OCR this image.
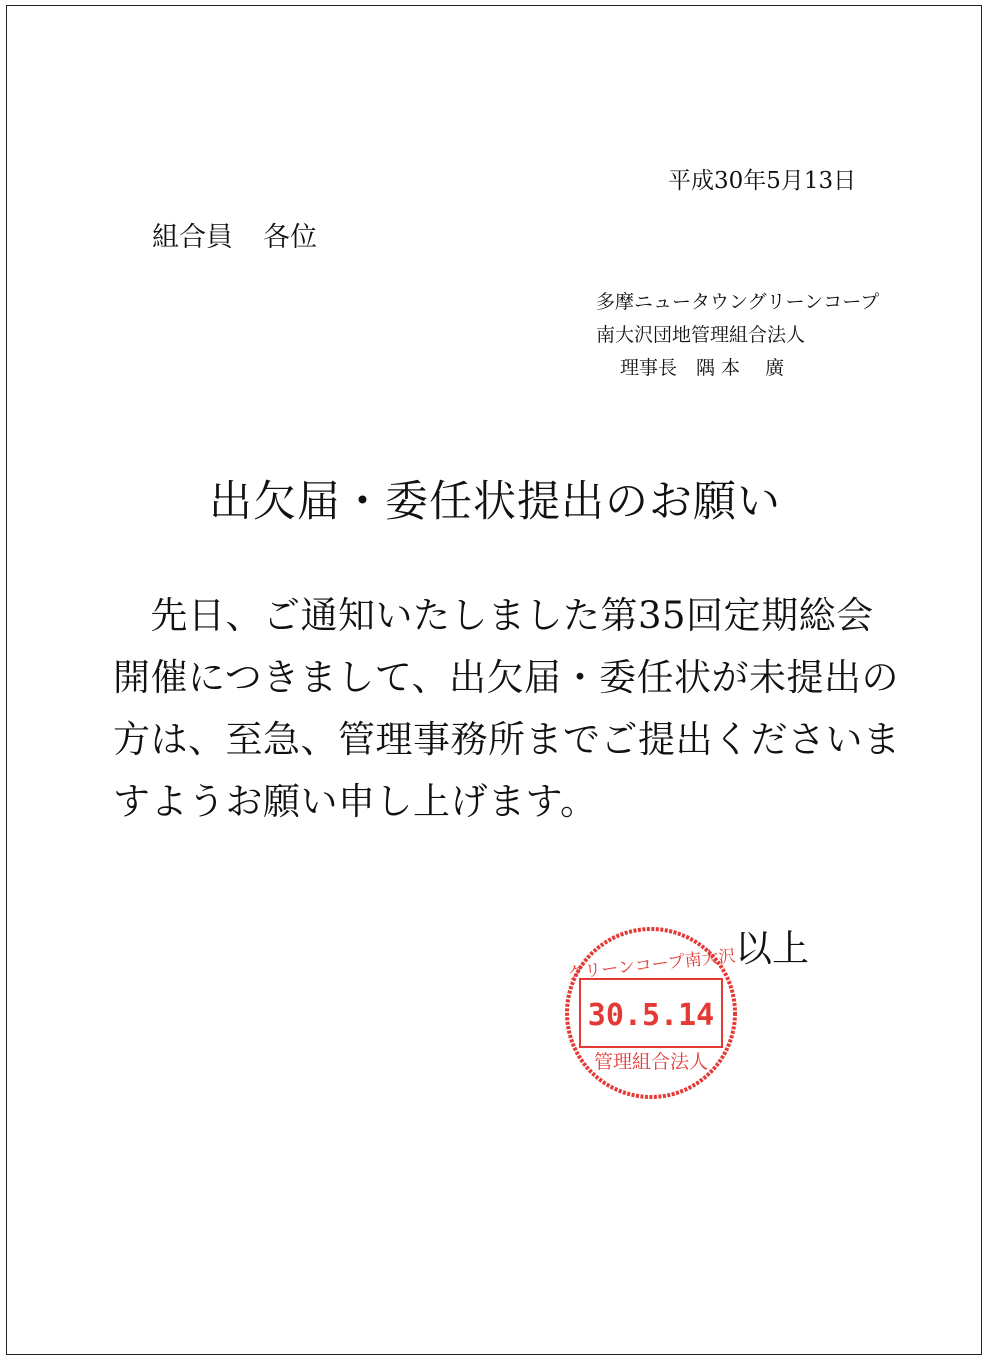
平成30年5月13日
組合員 各位
多摩ニュータウングリーンコープ
南大沢団地管理組合法人
理事長　隅 本　 廣
出欠届・委任状提出のお願い
　先日、ご通知いたしました第35回定期総会
開催につきまして、出欠届・委任状が未提出の
方は、至急、管理事務所までご提出くださいま
すようお願い申し上げます。
以上
グリーンコープ南大沢
30.5.14
管理組合法人
